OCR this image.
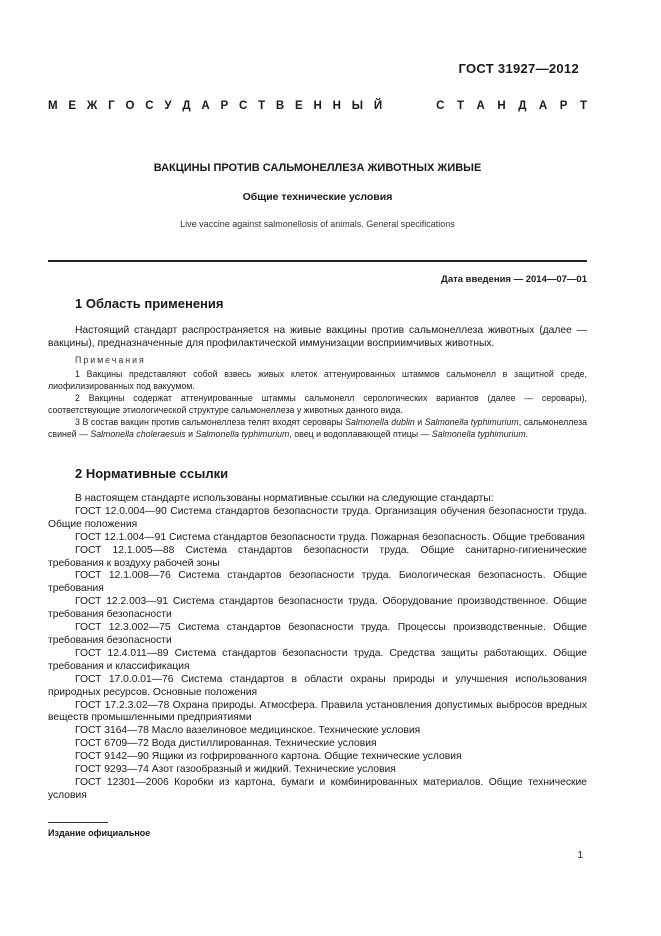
ГОСТ 31927—2012
М Е Ж Г О С У Д А Р С Т В Е Н Н Ы Й	С Т А Н Д А Р Т
ВАКЦИНЫ ПРОТИВ САЛЬМОНЕЛЛЕЗА ЖИВОТНЫХ ЖИВЫЕ
Общие технические условия
Live vaccine against salmonellosis of animals. General specifications
Дата введения — 2014—07—01
1 Область применения
Настоящий стандарт распространяется на живые вакцины против сальмонеллеза животных (далее — вакцины), предназначенные для профилактической иммунизации восприимчивых животных.
Примечания
1 Вакцины представляют собой взвесь живых клеток аттенуированных штаммов сальмонелл в защитной среде, лиофилизированных под вакуумом.
2 Вакцины содержат аттенуированные штаммы сальмонелл серологических вариантов (далее — серовары), соответствующие этиологической структуре сальмонеллеза у животных данного вида.
3 В состав вакцин против сальмонеллеза телят входят серовары Salmonella dublin и Salmonella typhimurium, сальмонеллеза свиней — Salmonella choleraesuis и Salmonella typhimurium, овец и водоплавающей птицы — Salmonella typhimurium.
2 Нормативные ссылки
В настоящем стандарте использованы нормативные ссылки на следующие стандарты:
ГОСТ 12.0.004—90 Система стандартов безопасности труда. Организация обучения безопасности труда. Общие положения
ГОСТ 12.1.004—91 Система стандартов безопасности труда. Пожарная безопасность. Общие требования
ГОСТ 12.1.005—88 Система стандартов безопасности труда. Общие санитарно-гигиенические требования к воздуху рабочей зоны
ГОСТ 12.1.008—76 Система стандартов безопасности труда. Биологическая безопасность. Общие требования
ГОСТ 12.2.003—91 Система стандартов безопасности труда. Оборудование производственное. Общие требования безопасности
ГОСТ 12.3.002—75 Система стандартов безопасности труда. Процессы производственные. Общие требования безопасности
ГОСТ 12.4.011—89 Система стандартов безопасности труда. Средства защиты работающих. Общие требования и классификация
ГОСТ 17.0.0.01—76 Система стандартов в области охраны природы и улучшения использования природных ресурсов. Основные положения
ГОСТ 17.2.3.02—78 Охрана природы. Атмосфера. Правила установления допустимых выбросов вредных веществ промышленными предприятиями
ГОСТ 3164—78 Масло вазелиновое медицинское. Технические условия
ГОСТ 6709—72 Вода дистиллированная. Технические условия
ГОСТ 9142—90 Ящики из гофрированного картона. Общие технические условия
ГОСТ 9293—74 Азот газообразный и жидкий. Технические условия
ГОСТ 12301—2006 Коробки из картона, бумаги и комбинированных материалов. Общие технические условия
Издание официальное
1
